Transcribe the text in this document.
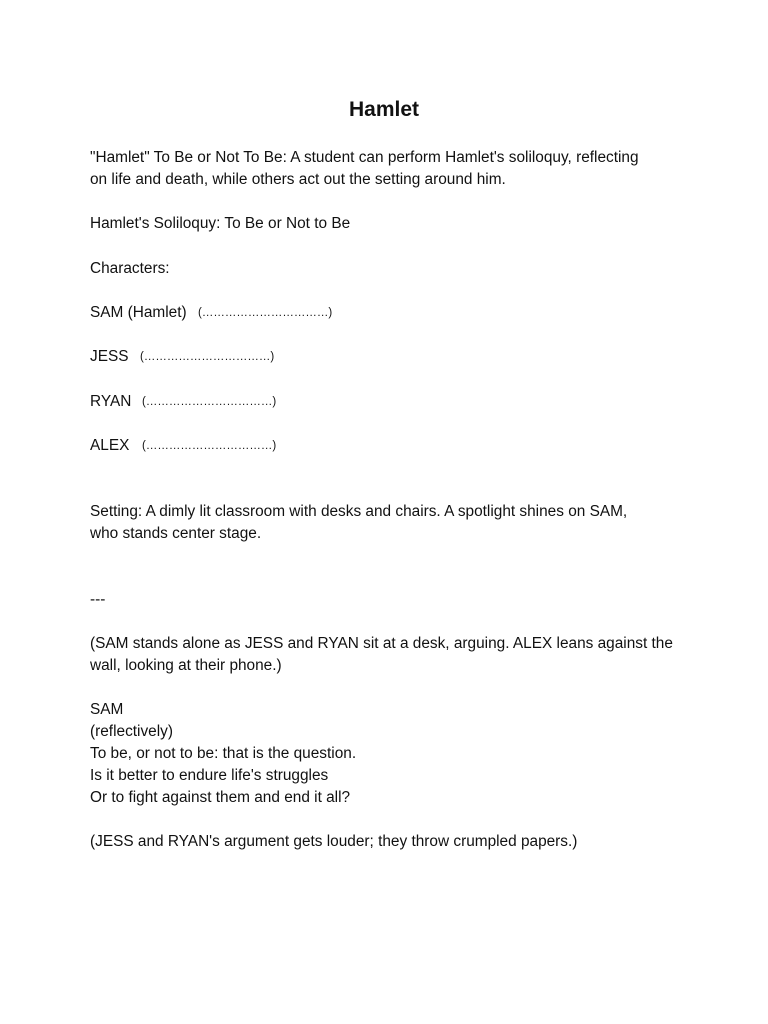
Hamlet
"Hamlet" To Be or Not To Be: A student can perform Hamlet's soliloquy, reflecting
on life and death, while others act out the setting around him.
Hamlet's Soliloquy: To Be or Not to Be
Characters:
SAM (Hamlet) (……………………………)
JESS (……………………………)
RYAN (……………………………)
ALEX (……………………………)
Setting: A dimly lit classroom with desks and chairs. A spotlight shines on SAM,
who stands center stage.
---
(SAM stands alone as JESS and RYAN sit at a desk, arguing. ALEX leans against the
wall, looking at their phone.)
SAM
(reflectively)
To be, or not to be: that is the question.
Is it better to endure life's struggles
Or to fight against them and end it all?
(JESS and RYAN's argument gets louder; they throw crumpled papers.)
